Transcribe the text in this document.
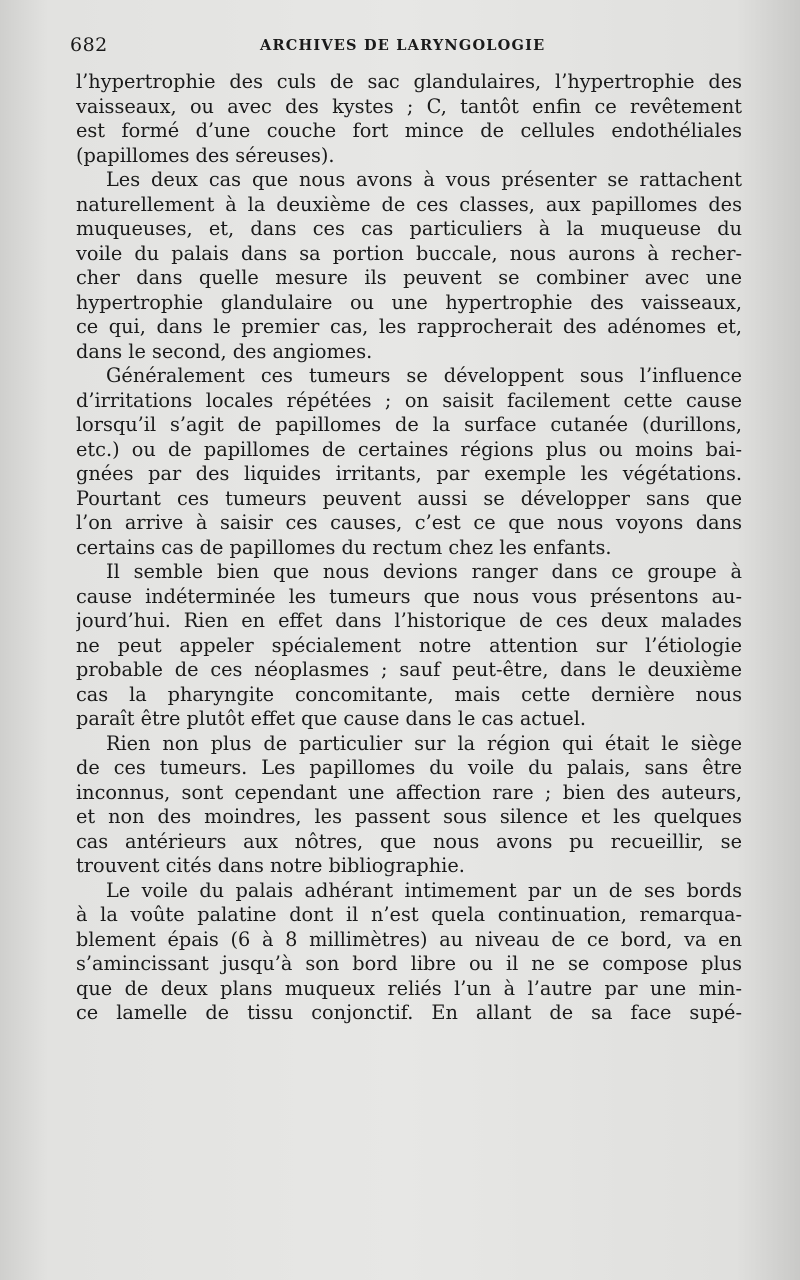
682	ARCHIVES DE LARYNGOLOGIE
l’hypertrophie des culs de sac glandulaires, l’hypertrophie des
vaisseaux, ou avec des kystes ; C, tantôt enfin ce revêtement
est formé d’une couche fort mince de cellules endothéliales
(papillomes des séreuses).
Les deux cas que nous avons à vous présenter se rattachent
naturellement à la deuxième de ces classes, aux papillomes des
muqueuses, et, dans ces cas particuliers à la muqueuse du
voile du palais dans sa portion buccale, nous aurons à recher-
cher dans quelle mesure ils peuvent se combiner avec une
hypertrophie glandulaire ou une hypertrophie des vaisseaux,
ce qui, dans le premier cas, les rapprocherait des adénomes et,
dans le second, des angiomes.
Généralement ces tumeurs se développent sous l’influence
d’irritations locales répétées ; on saisit facilement cette cause
lorsqu’il s’agit de papillomes de la surface cutanée (durillons,
etc.) ou de papillomes de certaines régions plus ou moins bai-
gnées par des liquides irritants, par exemple les végétations.
Pourtant ces tumeurs peuvent aussi se développer sans que
l’on arrive à saisir ces causes, c’est ce que nous voyons dans
certains cas de papillomes du rectum chez les enfants.
Il semble bien que nous devions ranger dans ce groupe à
cause indéterminée les tumeurs que nous vous présentons au-
jourd’hui. Rien en effet dans l’historique de ces deux malades
ne peut appeler spécialement notre attention sur l’étiologie
probable de ces néoplasmes ; sauf peut-être, dans le deuxième
cas la pharyngite concomitante, mais cette dernière nous
paraît être plutôt effet que cause dans le cas actuel.
Rien non plus de particulier sur la région qui était le siège
de ces tumeurs. Les papillomes du voile du palais, sans être
inconnus, sont cependant une affection rare ; bien des auteurs,
et non des moindres, les passent sous silence et les quelques
cas antérieurs aux nôtres, que nous avons pu recueillir, se
trouvent cités dans notre bibliographie.
Le voile du palais adhérant intimement par un de ses bords
à la voûte palatine dont il n’est quela continuation, remarqua-
blement épais (6 à 8 millimètres) au niveau de ce bord, va en
s’amincissant jusqu’à son bord libre ou il ne se compose plus
que de deux plans muqueux reliés l’un à l’autre par une min-
ce lamelle de tissu conjonctif. En allant de sa face supé-
